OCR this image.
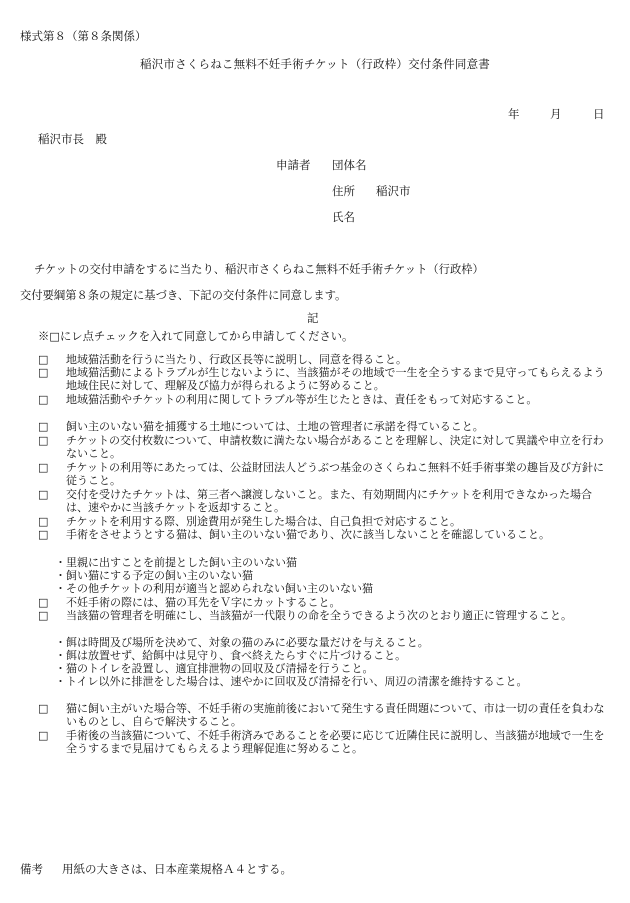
様式第８（第８条関係）
稲沢市さくらねこ無料不妊手術チケット（行政枠）交付条件同意書
年	月	日
稲沢市長　殿
申請者 団体名
住所 稲沢市
氏名
チケットの交付申請をするに当たり、稲沢市さくらねこ無料不妊手術チケット（行政枠）
交付要綱第８条の規定に基づき、下記の交付条件に同意します。
記
※□にレ点チェックを入れて同意してから申請してください。
□	地域猫活動を行うに当たり、行政区長等に説明し、同意を得ること。
□	地域猫活動によるトラブルが生じないように、当該猫がその地域で一生を全うするまで見守ってもらえるよう地域住民に対して、理解及び協力が得られるように努めること。
□	地域猫活動やチケットの利用に関してトラブル等が生じたときは、責任をもって対応すること。
□	飼い主のいない猫を捕獲する土地については、土地の管理者に承諾を得ていること。
□	チケットの交付枚数について、申請枚数に満たない場合があることを理解し、決定に対して異議や申立を行わないこと。
□	チケットの利用等にあたっては、公益財団法人どうぶつ基金のさくらねこ無料不妊手術事業の趣旨及び方針に従うこと。
□	交付を受けたチケットは、第三者へ譲渡しないこと。また、有効期間内にチケットを利用できなかった場合は、速やかに当該チケットを返却すること。
□	チケットを利用する際、別途費用が発生した場合は、自己負担で対応すること。
□	手術をさせようとする猫は、飼い主のいない猫であり、次に該当しないことを確認していること。
・ 里親に出すことを前提とした飼い主のいない猫
・ 飼い猫にする予定の飼い主のいない猫
・ その他チケットの利用が適当と認められない飼い主のいない猫
□	不妊手術の際には、猫の耳先をＶ字にカットすること。
□	当該猫の管理者を明確にし、当該猫が一代限りの命を全うできるよう次のとおり適正に管理すること。
・ 餌は時間及び場所を決めて、対象の猫のみに必要な量だけを与えること。
・ 餌は放置せず、給餌中は見守り、食べ終えたらすぐに片づけること。
・ 猫のトイレを設置し、適宜排泄物の回収及び清掃を行うこと。
・ トイレ以外に排泄をした場合は、速やかに回収及び清掃を行い、周辺の清潔を維持すること。
□	猫に飼い主がいた場合等、不妊手術の実施前後において発生する責任問題について、市は一切の責任を負わないものとし、自らで解決すること。
□	手術後の当該猫について、不妊手術済みであることを必要に応じて近隣住民に説明し、当該猫が地域で一生を全うするまで見届けてもらえるよう理解促進に努めること。
備考 用紙の大きさは、日本産業規格Ａ４とする。
